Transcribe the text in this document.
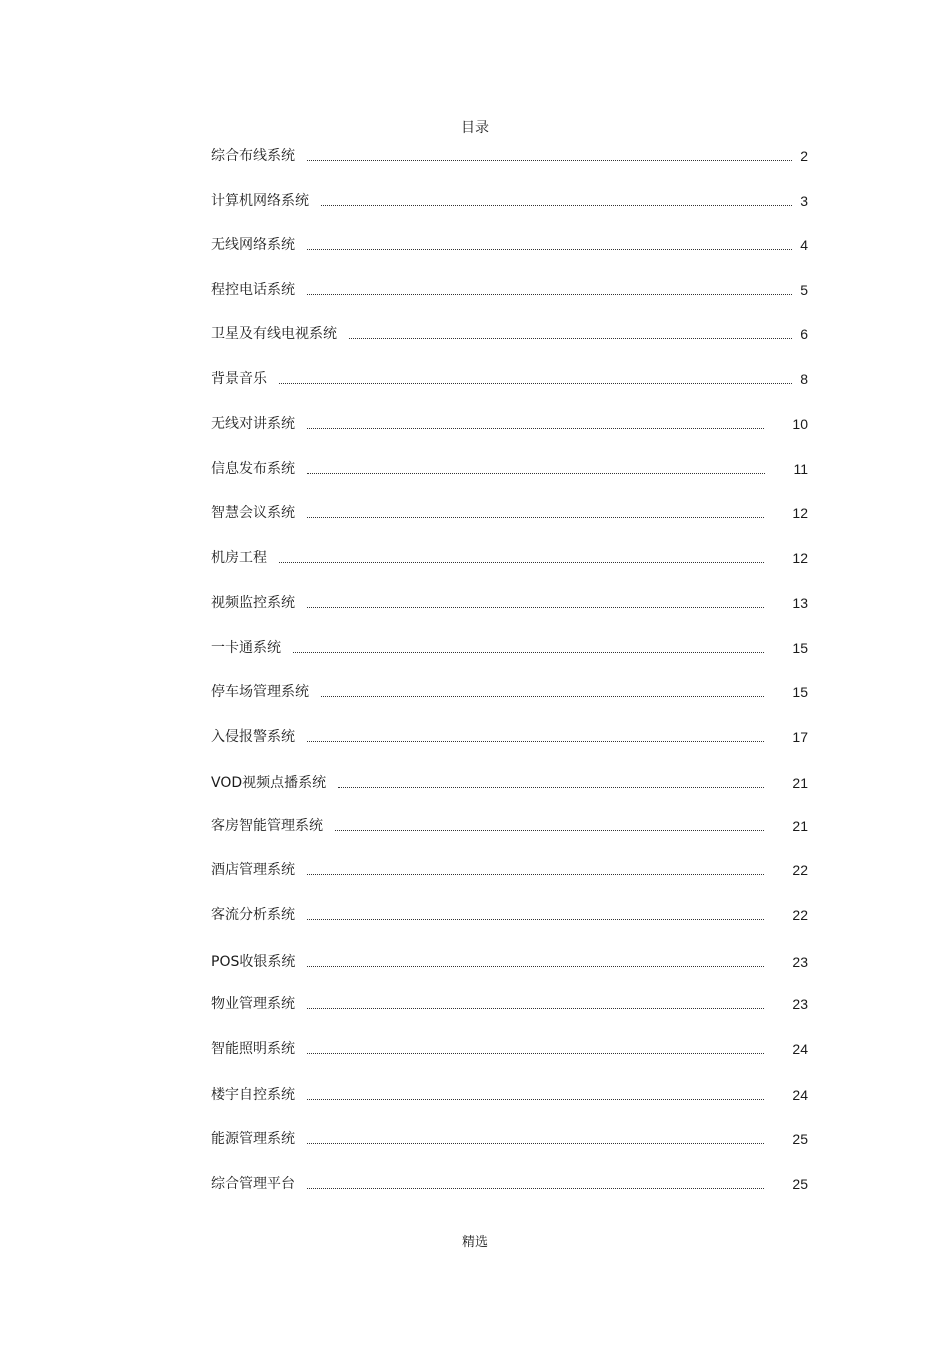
目录
综合布线系统	2
计算机网络系统	3
无线网络系统	4
程控电话系统	5
卫星及有线电视系统	6
背景音乐	8
无线对讲系统	10
信息发布系统	11
智慧会议系统	12
机房工程	12
视频监控系统	13
一卡通系统	15
停车场管理系统	15
入侵报警系统	17
VOD视频点播系统	21
客房智能管理系统	21
酒店管理系统	22
客流分析系统	22
POS收银系统	23
物业管理系统	23
智能照明系统	24
楼宇自控系统	24
能源管理系统	25
综合管理平台	25
精选
